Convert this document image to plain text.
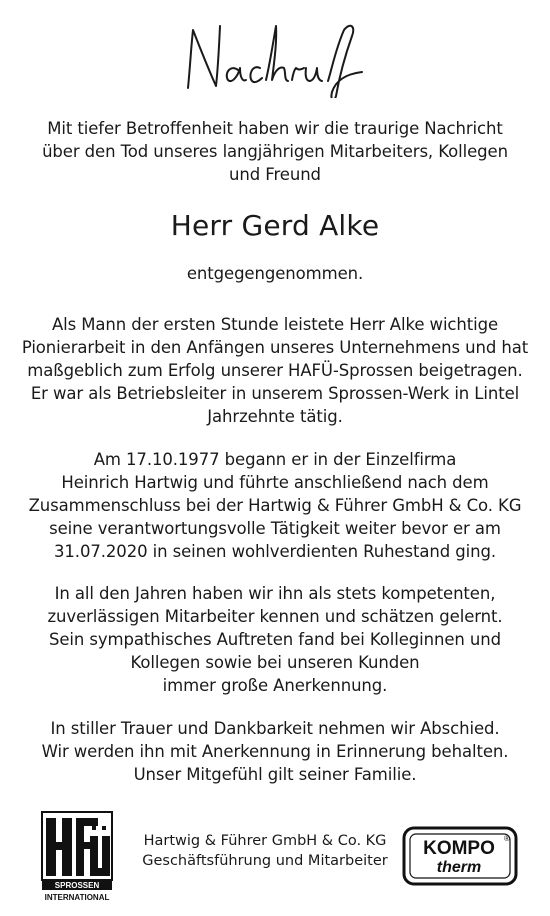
Mit tiefer Betroffenheit haben wir die traurige Nachricht
über den Tod unseres langjährigen Mitarbeiters, Kollegen
und Freund
Herr Gerd Alke
entgegengenommen.
Als Mann der ersten Stunde leistete Herr Alke wichtige
Pionierarbeit in den Anfängen unseres Unternehmens und hat
maßgeblich zum Erfolg unserer HAFÜ-Sprossen beigetragen.
Er war als Betriebsleiter in unserem Sprossen-Werk in Lintel
Jahrzehnte tätig.
Am 17.10.1977 begann er in der Einzelfirma
Heinrich Hartwig und führte anschließend nach dem
Zusammenschluss bei der Hartwig & Führer GmbH & Co. KG
seine verantwortungsvolle Tätigkeit weiter bevor er am
31.07.2020 in seinen wohlverdienten Ruhestand ging.
In all den Jahren haben wir ihn als stets kompetenten,
zuverlässigen Mitarbeiter kennen und schätzen gelernt.
Sein sympathisches Auftreten fand bei Kolleginnen und
Kollegen sowie bei unseren Kunden
immer große Anerkennung.
In stiller Trauer und Dankbarkeit nehmen wir Abschied.
Wir werden ihn mit Anerkennung in Erinnerung behalten.
Unser Mitgefühl gilt seiner Familie.
SPROSSEN
INTERNATIONAL
Hartwig & Führer GmbH & Co. KG
Geschäftsführung und Mitarbeiter
KOMPO
therm
®
